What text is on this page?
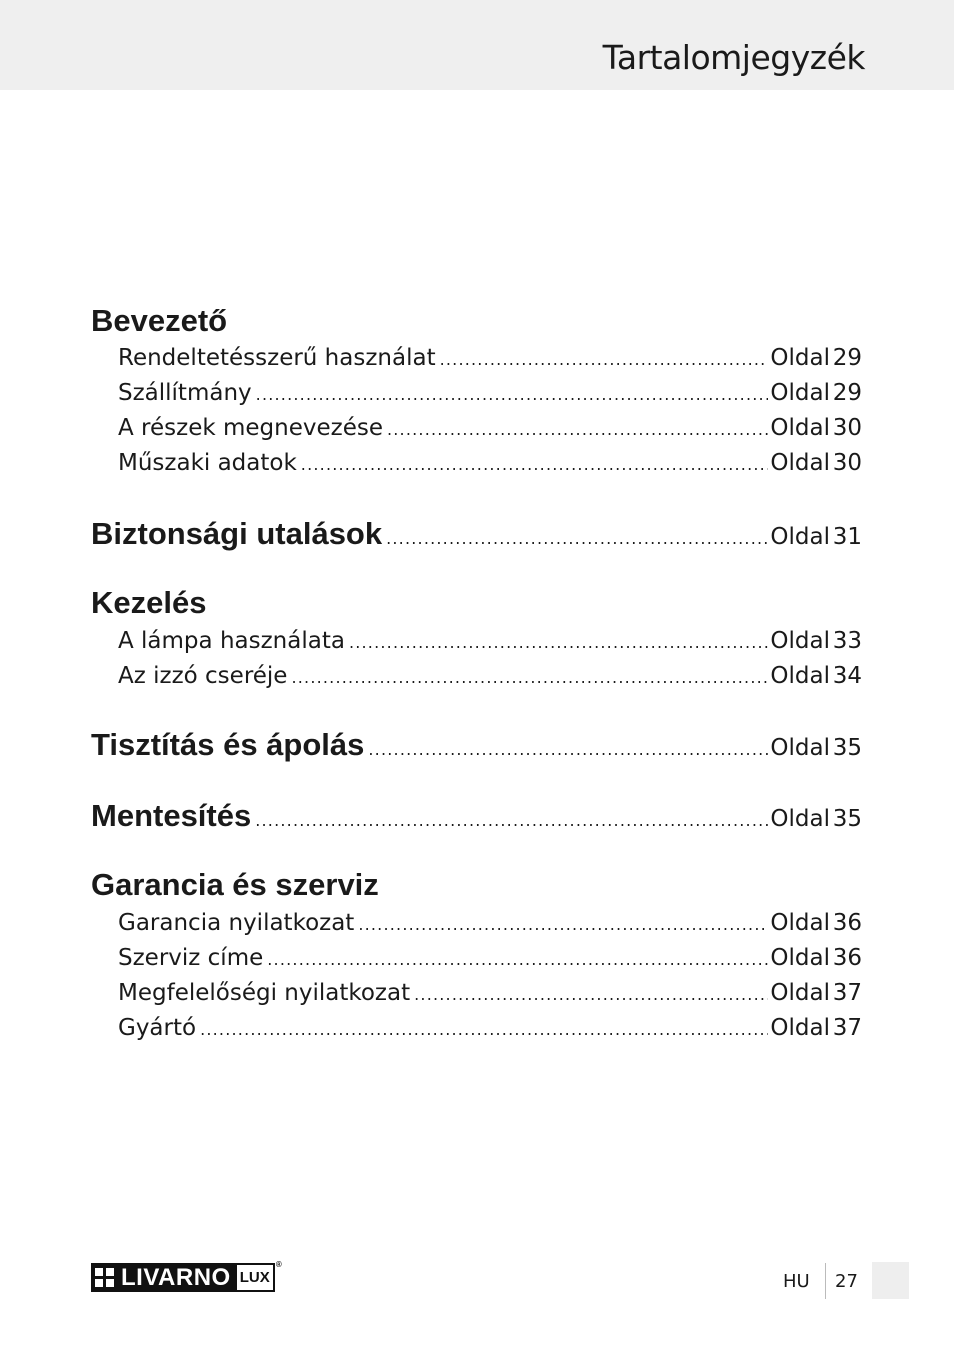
Tartalomjegyzék
Bevezető
Rendeltetésszerű használat .....	Oldal 29
Szállítmány .....	Oldal 29
A részek megnevezése .....	Oldal 30
Műszaki adatok .....	Oldal 30
Biztonsági utalások .....	Oldal 31
Kezelés
A lámpa használata .....	Oldal 33
Az izzó cseréje .....	Oldal 34
Tisztítás és ápolás .....	Oldal 35
Mentesítés .....	Oldal 35
Garancia és szerviz
Garancia nyilatkozat .....	Oldal 36
Szerviz címe .....	Oldal 36
Megfelelőségi nyilatkozat .....	Oldal 37
Gyártó .....	Oldal 37
LIVARNO LUX
®
HU 27
